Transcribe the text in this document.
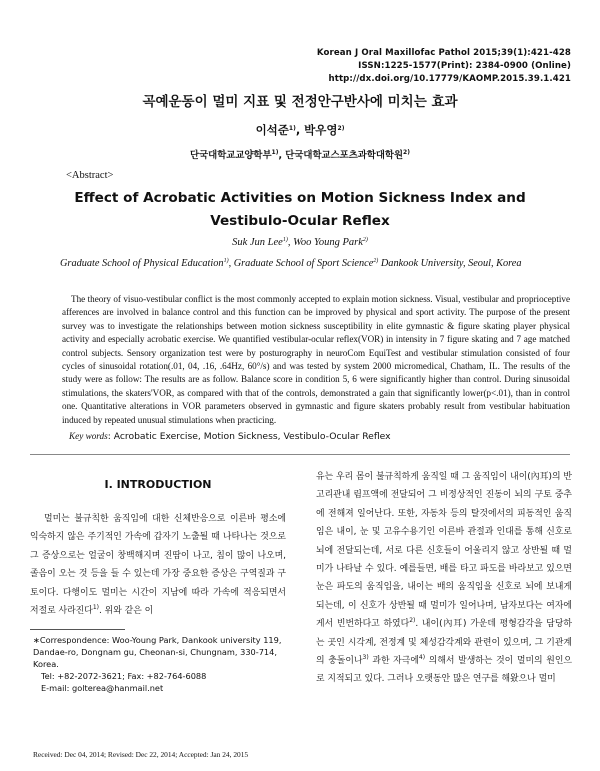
Korean J Oral Maxillofac Pathol 2015;39(1):421-428
ISSN:1225-1577(Print): 2384-0900 (Online)
http://dx.doi.org/10.17779/KAOMP.2015.39.1.421
곡예운동이 멀미 지표 및 전정안구반사에 미치는 효과
이석준$^{1)}$, 박우영$^{2)}$
단국대학교교양학부$^{1)}$, 단국대학교스포츠과학대학원$^{2)}$
<Abstract>
Effect of Acrobatic Activities on Motion Sickness Index and
Vestibulo-Ocular Reflex
Suk Jun Lee$^{1)}$, Woo Young Park$^{2)}$
Graduate School of Physical Education$^{1)}$, Graduate School of Sport Science$^{2)}$ Dankook University, Seoul, Korea

The theory of visuo-vestibular conflict is the most commonly accepted to explain motion sickness. Visual, vestibular and proprioceptive afferences are involved in balance control and this function can be improved by physical and sport activity. The purpose of the present survey was to investigate the relationships between motion sickness susceptibility in elite gymnastic & figure skating player physical activity and especially acrobatic exercise. We quantified vestibular-ocular reflex(VOR) in intensity in 7 figure skating and 7 age matched control subjects. Sensory organization test were by posturography in neuroCom EquiTest and vestibular stimulation consisted of four cycles of sinusoidal rotation(.01, 04, .16, .64Hz, 60°/s) and was tested by system 2000 micromedical, Chatham, IL. The results of the study were as follow: The results are as follow. Balance score in condition 5, 6 were significantly higher than control. During sinusoidal stimulations, the skaters'VOR, as compared with that of the controls, demonstrated a gain that significantly lower(p<.01), than in control one. Quantitative alterations in VOR parameters observed in gymnastic and figure skaters probably result from vestibular habituation induced by repeated unusual stimulations when practicing.

Key words: Acrobatic Exercise, Motion Sickness, Vestibulo-Ocular Reflex
Ⅰ. INTRODUCTION

멀미는 불규칙한 움직임에 대한 신체반응으로 이른바 평소에 익숙하지 않은 주기적인 가속에 갑자기 노출될 때 나타나는 것으로 그 증상으로는 얼굴이 창백해지며 진땀이 나고, 침이 많이 나오며, 졸음이 오는 것 등을 들 수 있는데 가장 중요한 증상은 구역질과 구토이다. 다행이도 멀미는 시간이 지남에 따라 가속에 적응되면서 저절로 사라진다$^{1)}$. 위와 같은 이

유는 우리 몸이 불규칙하게 움직일 때 그 움직임이 내이(內耳)의 반고리관내 림프액에 전달되어 그 비정상적인 진동이 뇌의 구토 중추에 전해져 일어난다. 또한, 자동차 등의 탈것에서의 피동적인 움직임은 내이, 눈 및 고유수용기인 이른바 관절과 인대를 통해 신호로 뇌에 전달되는데, 서로 다른 신호들이 어울리지 않고 상반될 때 멀미가 나타날 수 있다. 예를들면, 배를 타고 파도를 바라보고 있으면 눈은 파도의 움직임을, 내이는 배의 움직임을 신호로 뇌에 보내게 되는데, 이 신호가 상반될 때 멀미가 일어나며, 남자보다는 여자에게서 빈번하다고 하였다$^{2)}$. 내이(內耳) 가운데 평형감각을 담당하는 곳인 시각계, 전정계 및 체성감각계와 관련이 있으며, 그 기관계의 충돌이나$^{3)}$ 과한 자극에$^{4)}$ 의해서 발생하는 것이 멀미의 원인으로 지적되고 있다. 그러나 오랫동안 많은 연구를 해왔으나 멀미

∗Correspondence: Woo-Young Park, Dankook university 119, Dandae-ro, Dongnam gu, Cheonan-si, Chungnam, 330-714, Korea.
Tel: +82-2072-3621; Fax: +82-764-6088
E-mail: golterea@hanmail.net
Received: Dec 04, 2014; Revised: Dec 22, 2014; Accepted: Jan 24, 2015
